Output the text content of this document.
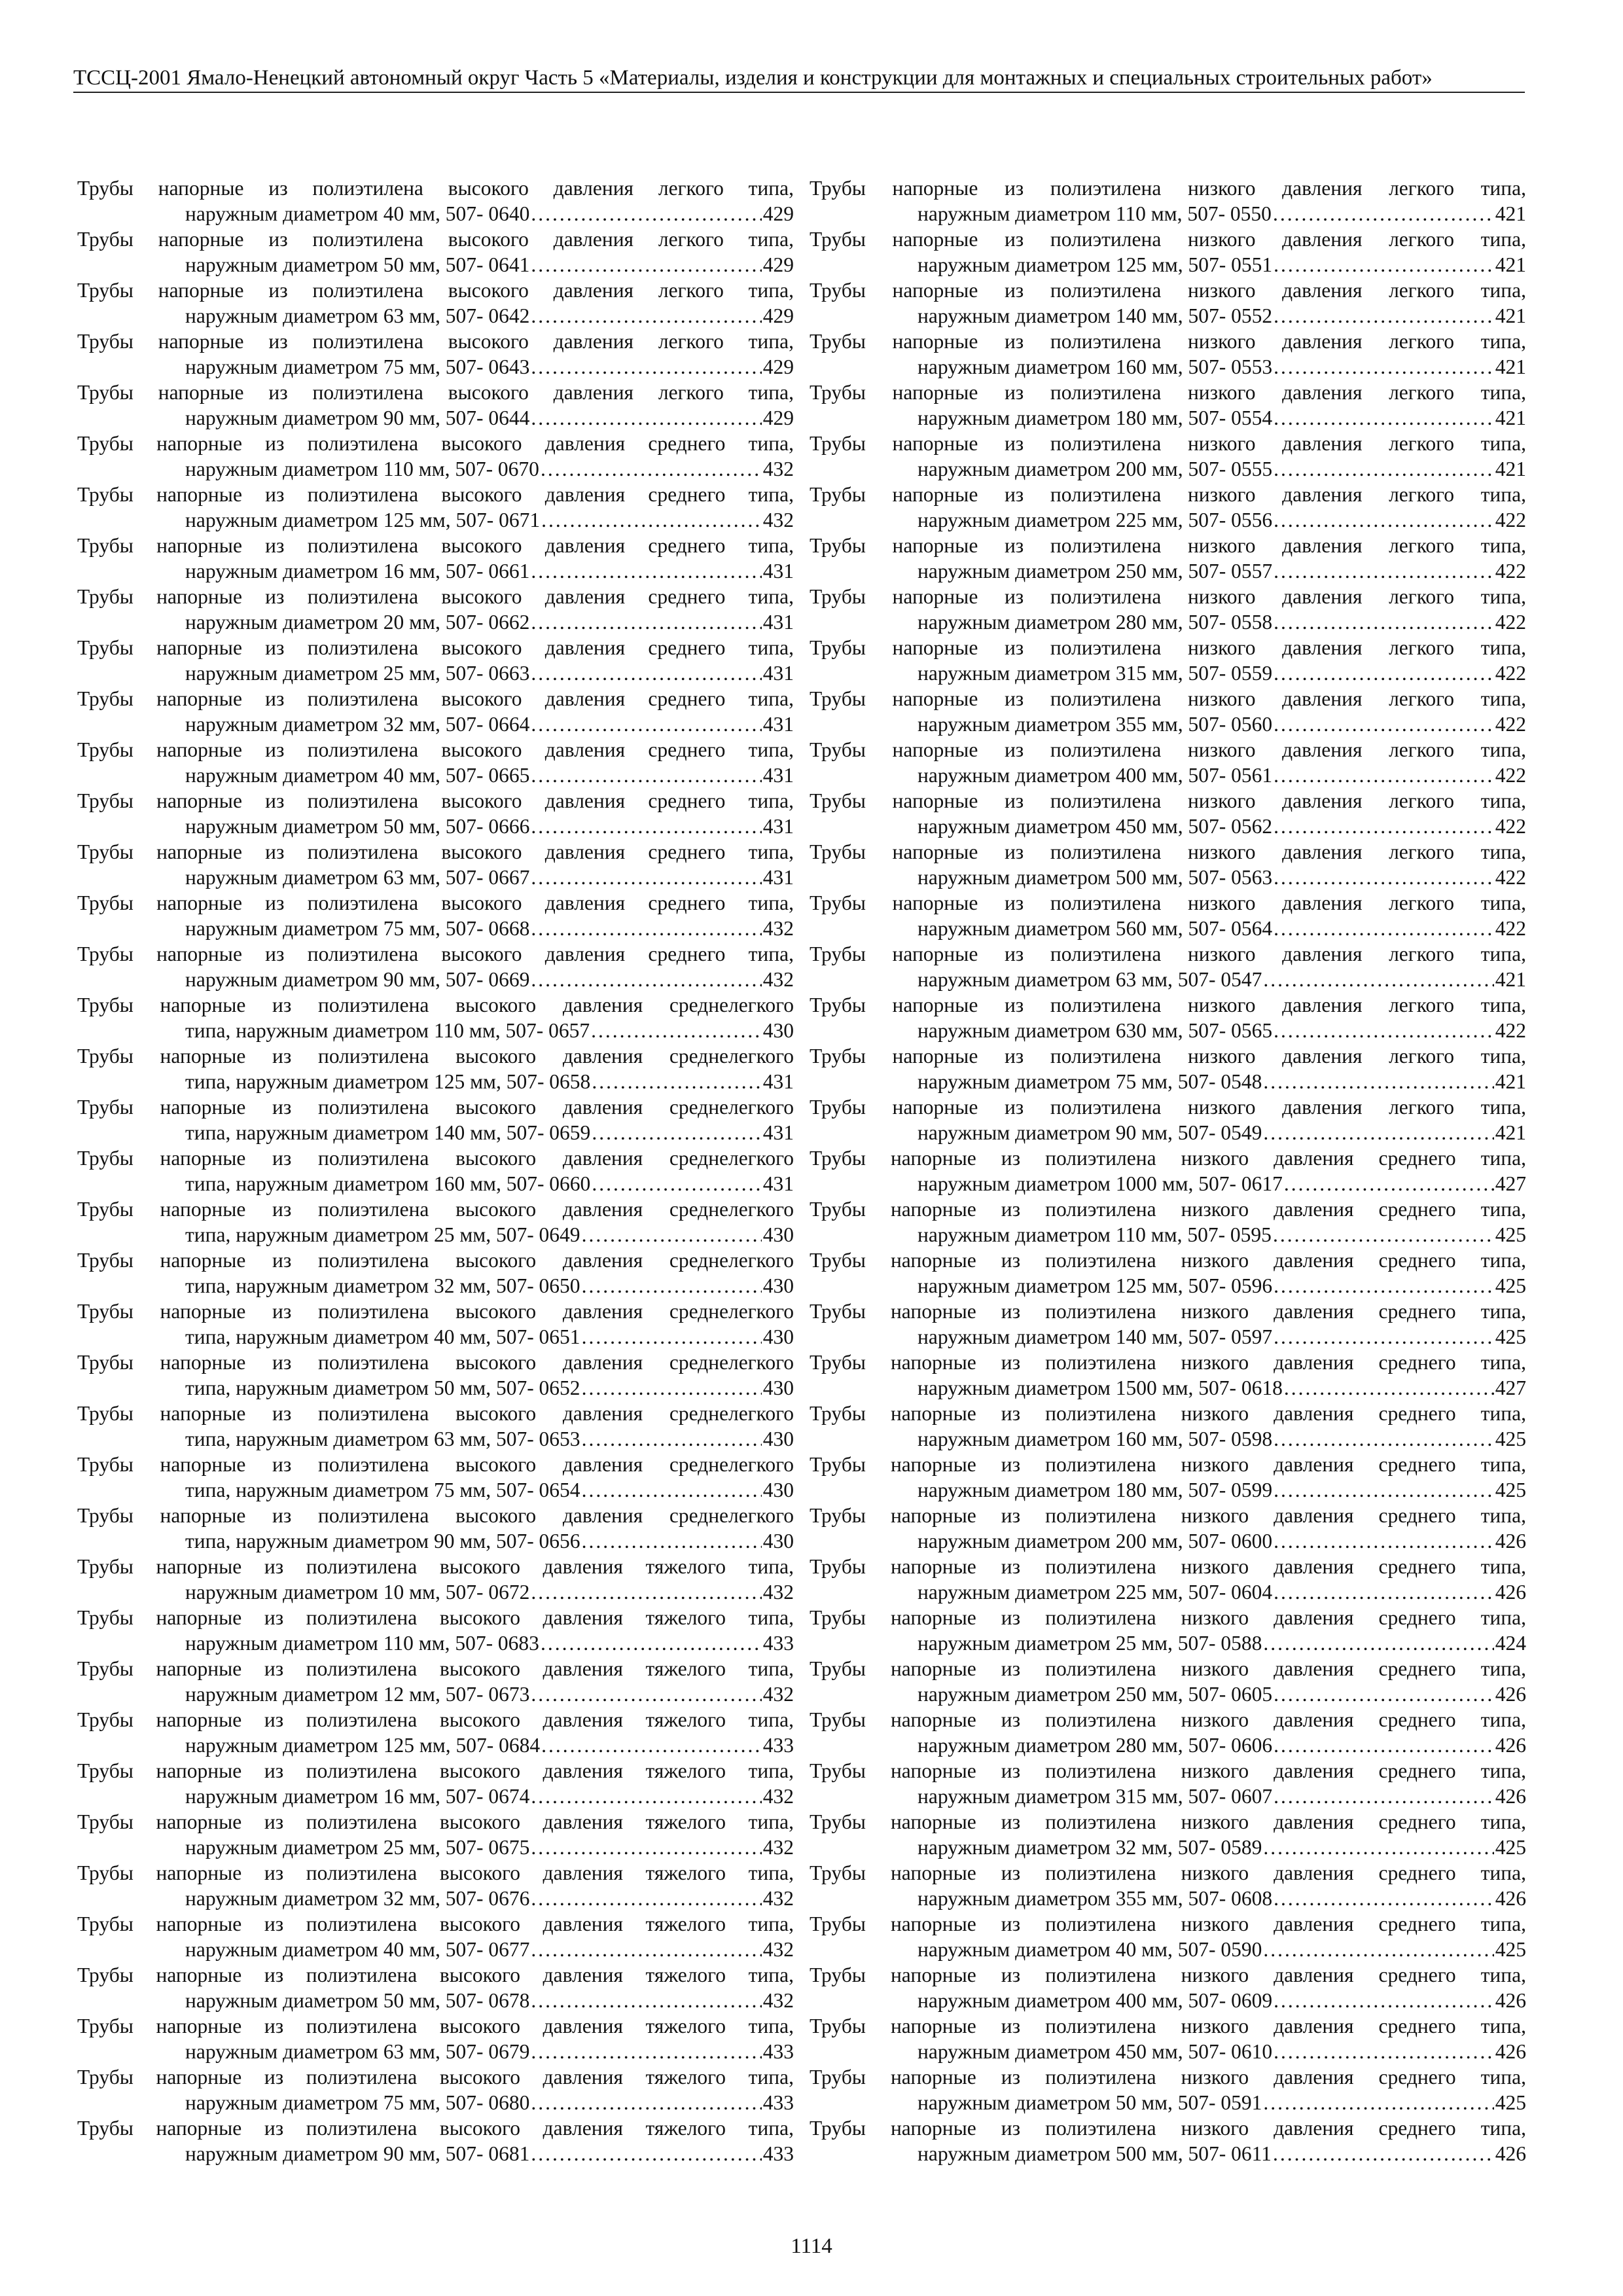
ТССЦ-2001 Ямало-Ненецкий автономный округ Часть 5 «Материалы, изделия и конструкции для монтажных и специальных строительных работ»
Трубы напорные из полиэтилена высокого давления легкого типа,
наружным диаметром 40 мм, 507- 0640 .....	429
Трубы напорные из полиэтилена высокого давления легкого типа,
наружным диаметром 50 мм, 507- 0641 .....	429
Трубы напорные из полиэтилена высокого давления легкого типа,
наружным диаметром 63 мм, 507- 0642 .....	429
Трубы напорные из полиэтилена высокого давления легкого типа,
наружным диаметром 75 мм, 507- 0643 .....	429
Трубы напорные из полиэтилена высокого давления легкого типа,
наружным диаметром 90 мм, 507- 0644 .....	429
Трубы напорные из полиэтилена высокого давления среднего типа,
наружным диаметром 110 мм, 507- 0670 .....	432
Трубы напорные из полиэтилена высокого давления среднего типа,
наружным диаметром 125 мм, 507- 0671 .....	432
Трубы напорные из полиэтилена высокого давления среднего типа,
наружным диаметром 16 мм, 507- 0661 .....	431
Трубы напорные из полиэтилена высокого давления среднего типа,
наружным диаметром 20 мм, 507- 0662 .....	431
Трубы напорные из полиэтилена высокого давления среднего типа,
наружным диаметром 25 мм, 507- 0663 .....	431
Трубы напорные из полиэтилена высокого давления среднего типа,
наружным диаметром 32 мм, 507- 0664 .....	431
Трубы напорные из полиэтилена высокого давления среднего типа,
наружным диаметром 40 мм, 507- 0665 .....	431
Трубы напорные из полиэтилена высокого давления среднего типа,
наружным диаметром 50 мм, 507- 0666 .....	431
Трубы напорные из полиэтилена высокого давления среднего типа,
наружным диаметром 63 мм, 507- 0667 .....	431
Трубы напорные из полиэтилена высокого давления среднего типа,
наружным диаметром 75 мм, 507- 0668 .....	432
Трубы напорные из полиэтилена высокого давления среднего типа,
наружным диаметром 90 мм, 507- 0669 .....	432
Трубы напорные из полиэтилена высокого давления среднелегкого
типа, наружным диаметром 110 мм, 507- 0657 .....	430
Трубы напорные из полиэтилена высокого давления среднелегкого
типа, наружным диаметром 125 мм, 507- 0658 .....	431
Трубы напорные из полиэтилена высокого давления среднелегкого
типа, наружным диаметром 140 мм, 507- 0659 .....	431
Трубы напорные из полиэтилена высокого давления среднелегкого
типа, наружным диаметром 160 мм, 507- 0660 .....	431
Трубы напорные из полиэтилена высокого давления среднелегкого
типа, наружным диаметром 25 мм, 507- 0649 .....	430
Трубы напорные из полиэтилена высокого давления среднелегкого
типа, наружным диаметром 32 мм, 507- 0650 .....	430
Трубы напорные из полиэтилена высокого давления среднелегкого
типа, наружным диаметром 40 мм, 507- 0651 .....	430
Трубы напорные из полиэтилена высокого давления среднелегкого
типа, наружным диаметром 50 мм, 507- 0652 .....	430
Трубы напорные из полиэтилена высокого давления среднелегкого
типа, наружным диаметром 63 мм, 507- 0653 .....	430
Трубы напорные из полиэтилена высокого давления среднелегкого
типа, наружным диаметром 75 мм, 507- 0654 .....	430
Трубы напорные из полиэтилена высокого давления среднелегкого
типа, наружным диаметром 90 мм, 507- 0656 .....	430
Трубы напорные из полиэтилена высокого давления тяжелого типа,
наружным диаметром 10 мм, 507- 0672 .....	432
Трубы напорные из полиэтилена высокого давления тяжелого типа,
наружным диаметром 110 мм, 507- 0683 .....	433
Трубы напорные из полиэтилена высокого давления тяжелого типа,
наружным диаметром 12 мм, 507- 0673 .....	432
Трубы напорные из полиэтилена высокого давления тяжелого типа,
наружным диаметром 125 мм, 507- 0684 .....	433
Трубы напорные из полиэтилена высокого давления тяжелого типа,
наружным диаметром 16 мм, 507- 0674 .....	432
Трубы напорные из полиэтилена высокого давления тяжелого типа,
наружным диаметром 25 мм, 507- 0675 .....	432
Трубы напорные из полиэтилена высокого давления тяжелого типа,
наружным диаметром 32 мм, 507- 0676 .....	432
Трубы напорные из полиэтилена высокого давления тяжелого типа,
наружным диаметром 40 мм, 507- 0677 .....	432
Трубы напорные из полиэтилена высокого давления тяжелого типа,
наружным диаметром 50 мм, 507- 0678 .....	432
Трубы напорные из полиэтилена высокого давления тяжелого типа,
наружным диаметром 63 мм, 507- 0679 .....	433
Трубы напорные из полиэтилена высокого давления тяжелого типа,
наружным диаметром 75 мм, 507- 0680 .....	433
Трубы напорные из полиэтилена высокого давления тяжелого типа,
наружным диаметром 90 мм, 507- 0681 .....	433
Трубы напорные из полиэтилена низкого давления легкого типа,
наружным диаметром 110 мм, 507- 0550 .....	421
Трубы напорные из полиэтилена низкого давления легкого типа,
наружным диаметром 125 мм, 507- 0551 .....	421
Трубы напорные из полиэтилена низкого давления легкого типа,
наружным диаметром 140 мм, 507- 0552 .....	421
Трубы напорные из полиэтилена низкого давления легкого типа,
наружным диаметром 160 мм, 507- 0553 .....	421
Трубы напорные из полиэтилена низкого давления легкого типа,
наружным диаметром 180 мм, 507- 0554 .....	421
Трубы напорные из полиэтилена низкого давления легкого типа,
наружным диаметром 200 мм, 507- 0555 .....	421
Трубы напорные из полиэтилена низкого давления легкого типа,
наружным диаметром 225 мм, 507- 0556 .....	422
Трубы напорные из полиэтилена низкого давления легкого типа,
наружным диаметром 250 мм, 507- 0557 .....	422
Трубы напорные из полиэтилена низкого давления легкого типа,
наружным диаметром 280 мм, 507- 0558 .....	422
Трубы напорные из полиэтилена низкого давления легкого типа,
наружным диаметром 315 мм, 507- 0559 .....	422
Трубы напорные из полиэтилена низкого давления легкого типа,
наружным диаметром 355 мм, 507- 0560 .....	422
Трубы напорные из полиэтилена низкого давления легкого типа,
наружным диаметром 400 мм, 507- 0561 .....	422
Трубы напорные из полиэтилена низкого давления легкого типа,
наружным диаметром 450 мм, 507- 0562 .....	422
Трубы напорные из полиэтилена низкого давления легкого типа,
наружным диаметром 500 мм, 507- 0563 .....	422
Трубы напорные из полиэтилена низкого давления легкого типа,
наружным диаметром 560 мм, 507- 0564 .....	422
Трубы напорные из полиэтилена низкого давления легкого типа,
наружным диаметром 63 мм, 507- 0547 .....	421
Трубы напорные из полиэтилена низкого давления легкого типа,
наружным диаметром 630 мм, 507- 0565 .....	422
Трубы напорные из полиэтилена низкого давления легкого типа,
наружным диаметром 75 мм, 507- 0548 .....	421
Трубы напорные из полиэтилена низкого давления легкого типа,
наружным диаметром 90 мм, 507- 0549 .....	421
Трубы напорные из полиэтилена низкого давления среднего типа,
наружным диаметром 1000 мм, 507- 0617 .....	427
Трубы напорные из полиэтилена низкого давления среднего типа,
наружным диаметром 110 мм, 507- 0595 .....	425
Трубы напорные из полиэтилена низкого давления среднего типа,
наружным диаметром 125 мм, 507- 0596 .....	425
Трубы напорные из полиэтилена низкого давления среднего типа,
наружным диаметром 140 мм, 507- 0597 .....	425
Трубы напорные из полиэтилена низкого давления среднего типа,
наружным диаметром 1500 мм, 507- 0618 .....	427
Трубы напорные из полиэтилена низкого давления среднего типа,
наружным диаметром 160 мм, 507- 0598 .....	425
Трубы напорные из полиэтилена низкого давления среднего типа,
наружным диаметром 180 мм, 507- 0599 .....	425
Трубы напорные из полиэтилена низкого давления среднего типа,
наружным диаметром 200 мм, 507- 0600 .....	426
Трубы напорные из полиэтилена низкого давления среднего типа,
наружным диаметром 225 мм, 507- 0604 .....	426
Трубы напорные из полиэтилена низкого давления среднего типа,
наружным диаметром 25 мм, 507- 0588 .....	424
Трубы напорные из полиэтилена низкого давления среднего типа,
наружным диаметром 250 мм, 507- 0605 .....	426
Трубы напорные из полиэтилена низкого давления среднего типа,
наружным диаметром 280 мм, 507- 0606 .....	426
Трубы напорные из полиэтилена низкого давления среднего типа,
наружным диаметром 315 мм, 507- 0607 .....	426
Трубы напорные из полиэтилена низкого давления среднего типа,
наружным диаметром 32 мм, 507- 0589 .....	425
Трубы напорные из полиэтилена низкого давления среднего типа,
наружным диаметром 355 мм, 507- 0608 .....	426
Трубы напорные из полиэтилена низкого давления среднего типа,
наружным диаметром 40 мм, 507- 0590 .....	425
Трубы напорные из полиэтилена низкого давления среднего типа,
наружным диаметром 400 мм, 507- 0609 .....	426
Трубы напорные из полиэтилена низкого давления среднего типа,
наружным диаметром 450 мм, 507- 0610 .....	426
Трубы напорные из полиэтилена низкого давления среднего типа,
наружным диаметром 50 мм, 507- 0591 .....	425
Трубы напорные из полиэтилена низкого давления среднего типа,
наружным диаметром 500 мм, 507- 0611 .....	426
1114
